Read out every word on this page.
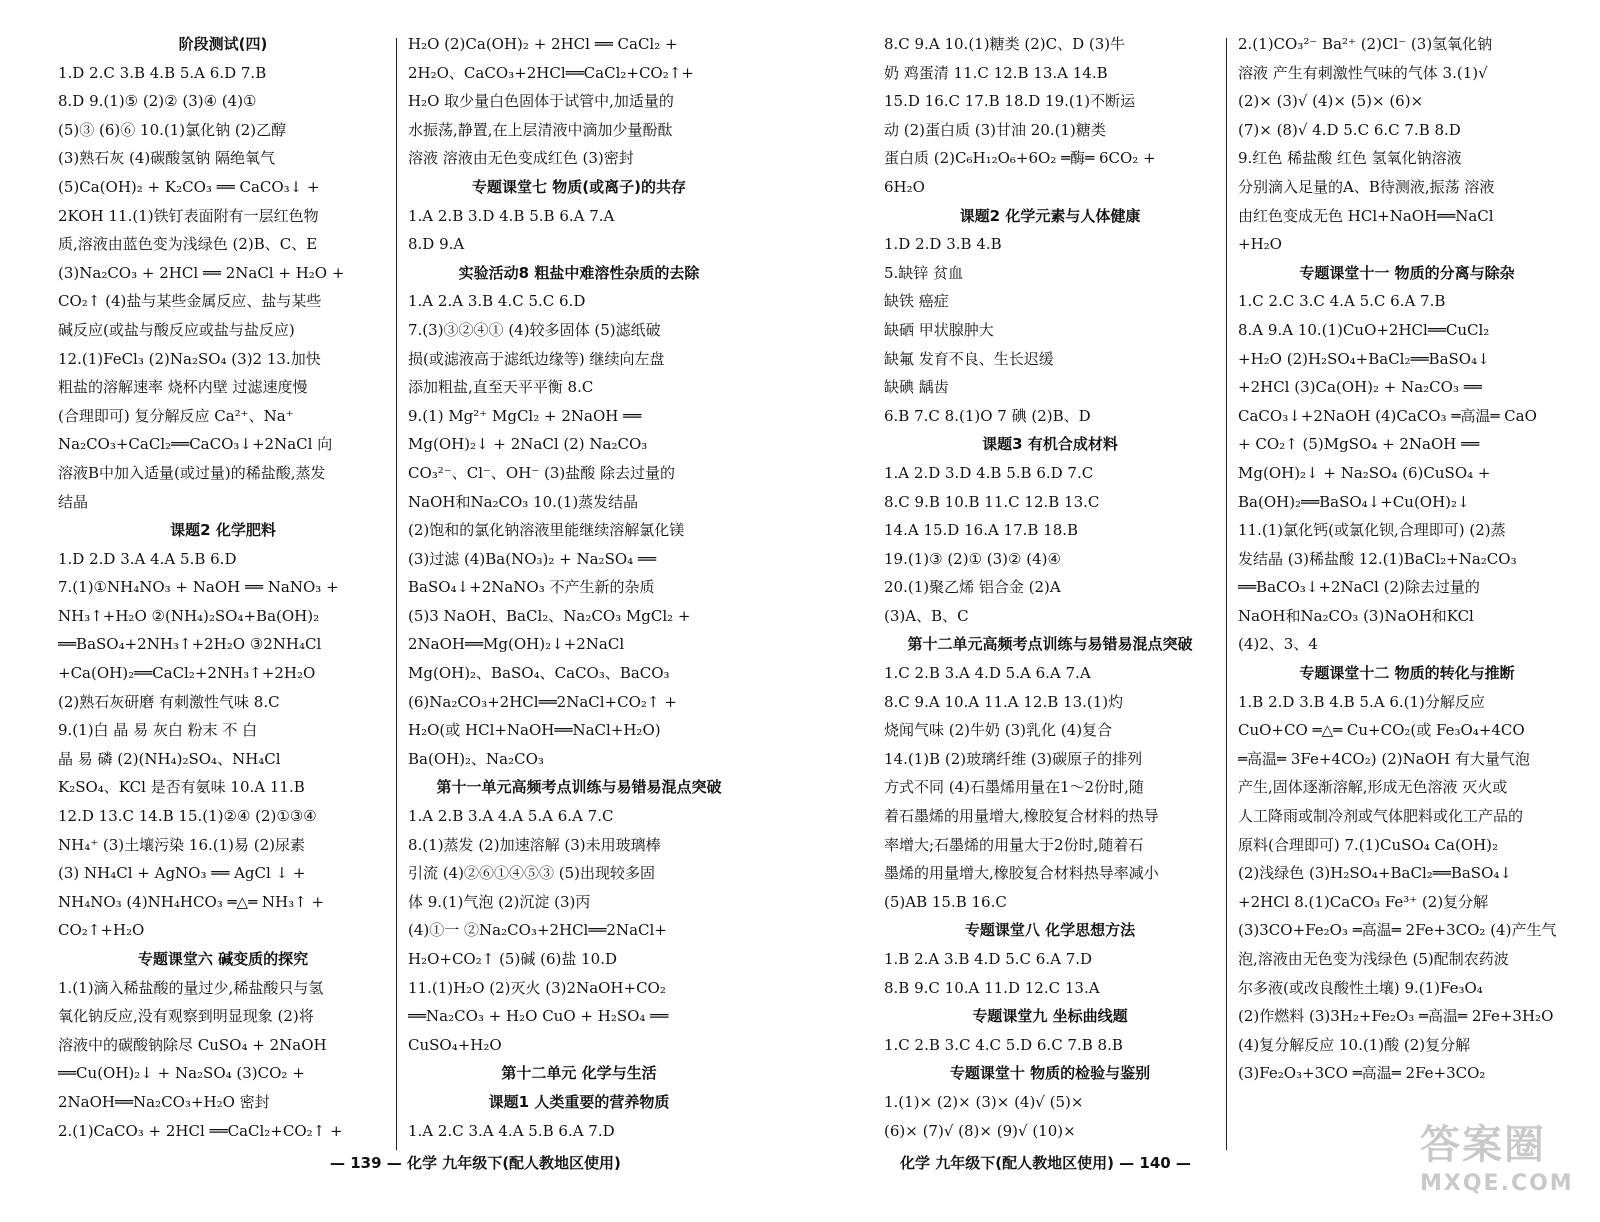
阶段测试(四)
1.D 2.C 3.B 4.B 5.A 6.D 7.B
8.D 9.(1)⑤ (2)② (3)④ (4)①
(5)③ (6)⑥ 10.(1)氯化钠 (2)乙醇
(3)熟石灰 (4)碳酸氢钠 隔绝氧气
(5)Ca(OH)₂ + K₂CO₃ ══ CaCO₃↓ +
2KOH 11.(1)铁钉表面附有一层红色物
质,溶液由蓝色变为浅绿色 (2)B、C、E
(3)Na₂CO₃ + 2HCl ══ 2NaCl + H₂O +
CO₂↑ (4)盐与某些金属反应、盐与某些
碱反应(或盐与酸反应或盐与盐反应)
12.(1)FeCl₃ (2)Na₂SO₄ (3)2 13.加快
粗盐的溶解速率 烧杯内壁 过滤速度慢
(合理即可) 复分解反应 Ca²⁺、Na⁺
Na₂CO₃+CaCl₂══CaCO₃↓+2NaCl 向
溶液B中加入适量(或过量)的稀盐酸,蒸发
结晶
课题2 化学肥料
1.D 2.D 3.A 4.A 5.B 6.D
7.(1)①NH₄NO₃ + NaOH ══ NaNO₃ +
NH₃↑+H₂O ②(NH₄)₂SO₄+Ba(OH)₂
══BaSO₄+2NH₃↑+2H₂O ③2NH₄Cl
+Ca(OH)₂══CaCl₂+2NH₃↑+2H₂O
(2)熟石灰研磨 有刺激性气味 8.C
9.(1)白 晶 易 灰白 粉末 不 白
晶 易 磷 (2)(NH₄)₂SO₄、NH₄Cl
K₂SO₄、KCl 是否有氨味 10.A 11.B
12.D 13.C 14.B 15.(1)②④ (2)①③④
NH₄⁺ (3)土壤污染 16.(1)易 (2)尿素
(3) NH₄Cl + AgNO₃ ══ AgCl ↓ +
NH₄NO₃ (4)NH₄HCO₃ ═△═ NH₃↑ +
CO₂↑+H₂O
专题课堂六 碱变质的探究
1.(1)滴入稀盐酸的量过少,稀盐酸只与氢
氧化钠反应,没有观察到明显现象 (2)将
溶液中的碳酸钠除尽 CuSO₄ + 2NaOH
══Cu(OH)₂↓ + Na₂SO₄ (3)CO₂ +
2NaOH══Na₂CO₃+H₂O 密封
2.(1)CaCO₃ + 2HCl ══CaCl₂+CO₂↑ +
H₂O (2)Ca(OH)₂ + 2HCl ══ CaCl₂ +
2H₂O、CaCO₃+2HCl══CaCl₂+CO₂↑+
H₂O 取少量白色固体于试管中,加适量的
水振荡,静置,在上层清液中滴加少量酚酞
溶液 溶液由无色变成红色 (3)密封
专题课堂七 物质(或离子)的共存
1.A 2.B 3.D 4.B 5.B 6.A 7.A
8.D 9.A
实验活动8 粗盐中难溶性杂质的去除
1.A 2.A 3.B 4.C 5.C 6.D
7.(3)③②④① (4)较多固体 (5)滤纸破
损(或滤液高于滤纸边缘等) 继续向左盘
添加粗盐,直至天平平衡 8.C
9.(1) Mg²⁺ MgCl₂ + 2NaOH ══
Mg(OH)₂↓ + 2NaCl (2) Na₂CO₃
CO₃²⁻、Cl⁻、OH⁻ (3)盐酸 除去过量的
NaOH和Na₂CO₃ 10.(1)蒸发结晶
(2)饱和的氯化钠溶液里能继续溶解氯化镁
(3)过滤 (4)Ba(NO₃)₂ + Na₂SO₄ ══
BaSO₄↓+2NaNO₃ 不产生新的杂质
(5)3 NaOH、BaCl₂、Na₂CO₃ MgCl₂ +
2NaOH══Mg(OH)₂↓+2NaCl
Mg(OH)₂、BaSO₄、CaCO₃、BaCO₃
(6)Na₂CO₃+2HCl══2NaCl+CO₂↑ +
H₂O(或 HCl+NaOH══NaCl+H₂O)
Ba(OH)₂、Na₂CO₃
第十一单元高频考点训练与易错易混点突破
1.A 2.B 3.A 4.A 5.A 6.A 7.C
8.(1)蒸发 (2)加速溶解 (3)未用玻璃棒
引流 (4)②⑥①④⑤③ (5)出现较多固
体 9.(1)气泡 (2)沉淀 (3)丙
(4)①一 ②Na₂CO₃+2HCl══2NaCl+
H₂O+CO₂↑ (5)碱 (6)盐 10.D
11.(1)H₂O (2)灭火 (3)2NaOH+CO₂
══Na₂CO₃ + H₂O CuO + H₂SO₄ ══
CuSO₄+H₂O
第十二单元 化学与生活
课题1 人类重要的营养物质
1.A 2.C 3.A 4.A 5.B 6.A 7.D
8.C 9.A 10.(1)糖类 (2)C、D (3)牛
奶 鸡蛋清 11.C 12.B 13.A 14.B
15.D 16.C 17.B 18.D 19.(1)不断运
动 (2)蛋白质 (3)甘油 20.(1)糖类
蛋白质 (2)C₆H₁₂O₆+6O₂ ═酶═ 6CO₂ +
6H₂O
课题2 化学元素与人体健康
1.D 2.D 3.B 4.B
5.缺锌 贫血
缺铁 癌症
缺硒 甲状腺肿大
缺氟 发育不良、生长迟缓
缺碘 龋齿
6.B 7.C 8.(1)O 7 碘 (2)B、D
课题3 有机合成材料
1.A 2.D 3.D 4.B 5.B 6.D 7.C
8.C 9.B 10.B 11.C 12.B 13.C
14.A 15.D 16.A 17.B 18.B
19.(1)③ (2)① (3)② (4)④
20.(1)聚乙烯 铝合金 (2)A
(3)A、B、C
第十二单元高频考点训练与易错易混点突破
1.C 2.B 3.A 4.D 5.A 6.A 7.A
8.C 9.A 10.A 11.A 12.B 13.(1)灼
烧闻气味 (2)牛奶 (3)乳化 (4)复合
14.(1)B (2)玻璃纤维 (3)碳原子的排列
方式不同 (4)石墨烯用量在1～2份时,随
着石墨烯的用量增大,橡胶复合材料的热导
率增大;石墨烯的用量大于2份时,随着石
墨烯的用量增大,橡胶复合材料热导率减小
(5)AB 15.B 16.C
专题课堂八 化学思想方法
1.B 2.A 3.B 4.D 5.C 6.A 7.D
8.B 9.C 10.A 11.D 12.C 13.A
专题课堂九 坐标曲线题
1.C 2.B 3.C 4.C 5.D 6.C 7.B 8.B
专题课堂十 物质的检验与鉴别
1.(1)× (2)× (3)× (4)√ (5)×
(6)× (7)√ (8)× (9)√ (10)×
2.(1)CO₃²⁻ Ba²⁺ (2)Cl⁻ (3)氢氧化钠
溶液 产生有刺激性气味的气体 3.(1)√
(2)× (3)√ (4)× (5)× (6)×
(7)× (8)√ 4.D 5.C 6.C 7.B 8.D
9.红色 稀盐酸 红色 氢氧化钠溶液
分别滴入足量的A、B待测液,振荡 溶液
由红色变成无色 HCl+NaOH══NaCl
+H₂O
专题课堂十一 物质的分离与除杂
1.C 2.C 3.C 4.A 5.C 6.A 7.B
8.A 9.A 10.(1)CuO+2HCl══CuCl₂
+H₂O (2)H₂SO₄+BaCl₂══BaSO₄↓
+2HCl (3)Ca(OH)₂ + Na₂CO₃ ══
CaCO₃↓+2NaOH (4)CaCO₃ ═高温═ CaO
+ CO₂↑ (5)MgSO₄ + 2NaOH ══
Mg(OH)₂↓ + Na₂SO₄ (6)CuSO₄ +
Ba(OH)₂══BaSO₄↓+Cu(OH)₂↓
11.(1)氯化钙(或氯化钡,合理即可) (2)蒸
发结晶 (3)稀盐酸 12.(1)BaCl₂+Na₂CO₃
══BaCO₃↓+2NaCl (2)除去过量的
NaOH和Na₂CO₃ (3)NaOH和KCl
(4)2、3、4
专题课堂十二 物质的转化与推断
1.B 2.D 3.B 4.B 5.A 6.(1)分解反应
CuO+CO ═△═ Cu+CO₂(或 Fe₃O₄+4CO
═高温═ 3Fe+4CO₂) (2)NaOH 有大量气泡
产生,固体逐渐溶解,形成无色溶液 灭火或
人工降雨或制冷剂或气体肥料或化工产品的
原料(合理即可) 7.(1)CuSO₄ Ca(OH)₂
(2)浅绿色 (3)H₂SO₄+BaCl₂══BaSO₄↓
+2HCl 8.(1)CaCO₃ Fe³⁺ (2)复分解
(3)3CO+Fe₂O₃ ═高温═ 2Fe+3CO₂ (4)产生气
泡,溶液由无色变为浅绿色 (5)配制农药波
尔多液(或改良酸性土壤) 9.(1)Fe₃O₄
(2)作燃料 (3)3H₂+Fe₂O₃ ═高温═ 2Fe+3H₂O
(4)复分解反应 10.(1)酸 (2)复分解
(3)Fe₂O₃+3CO ═高温═ 2Fe+3CO₂
— 139 — 化学 九年级下(配人教地区使用)	化学 九年级下(配人教地区使用) — 140 —	答案圈
MXQE.COM
